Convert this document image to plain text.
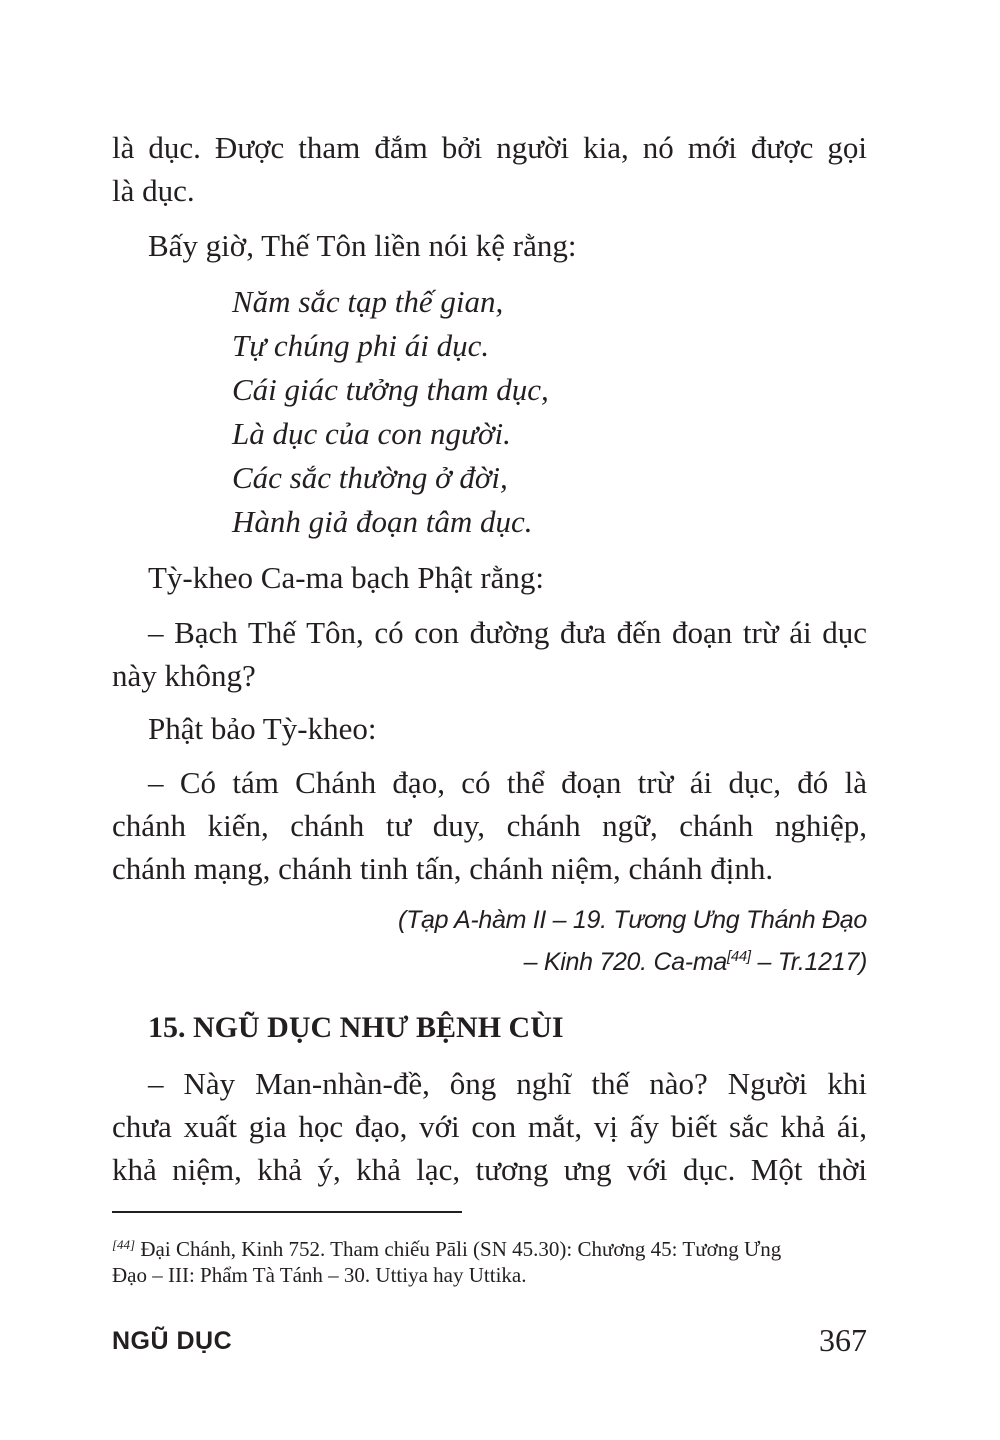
là dục. Được tham đắm bởi người kia, nó mới được gọi
là dục.
Bấy giờ, Thế Tôn liền nói kệ rằng:
Năm sắc tạp thế gian,
Tự chúng phi ái dục.
Cái giác tưởng tham dục,
Là dục của con người.
Các sắc thường ở đời,
Hành giả đoạn tâm dục.
Tỳ-kheo Ca-ma bạch Phật rằng:
– Bạch Thế Tôn, có con đường đưa đến đoạn trừ ái dục
này không?
Phật bảo Tỳ-kheo:
– Có tám Chánh đạo, có thể đoạn trừ ái dục, đó là
chánh kiến, chánh tư duy, chánh ngữ, chánh nghiệp,
chánh mạng, chánh tinh tấn, chánh niệm, chánh định.
(Tạp A-hàm II – 19. Tương Ưng Thánh Đạo
– Kinh 720. Ca-ma[44] – Tr.1217)
15. NGŨ DỤC NHƯ BỆNH CÙI
– Này Man-nhàn-đề, ông nghĩ thế nào? Người khi
chưa xuất gia học đạo, với con mắt, vị ấy biết sắc khả ái,
khả niệm, khả ý, khả lạc, tương ưng với dục. Một thời
[44] Đại Chánh, Kinh 752. Tham chiếu Pāli (SN 45.30): Chương 45: Tương Ưng
Đạo – III: Phẩm Tà Tánh – 30. Uttiya hay Uttika.
NGŨ DỤC	367
